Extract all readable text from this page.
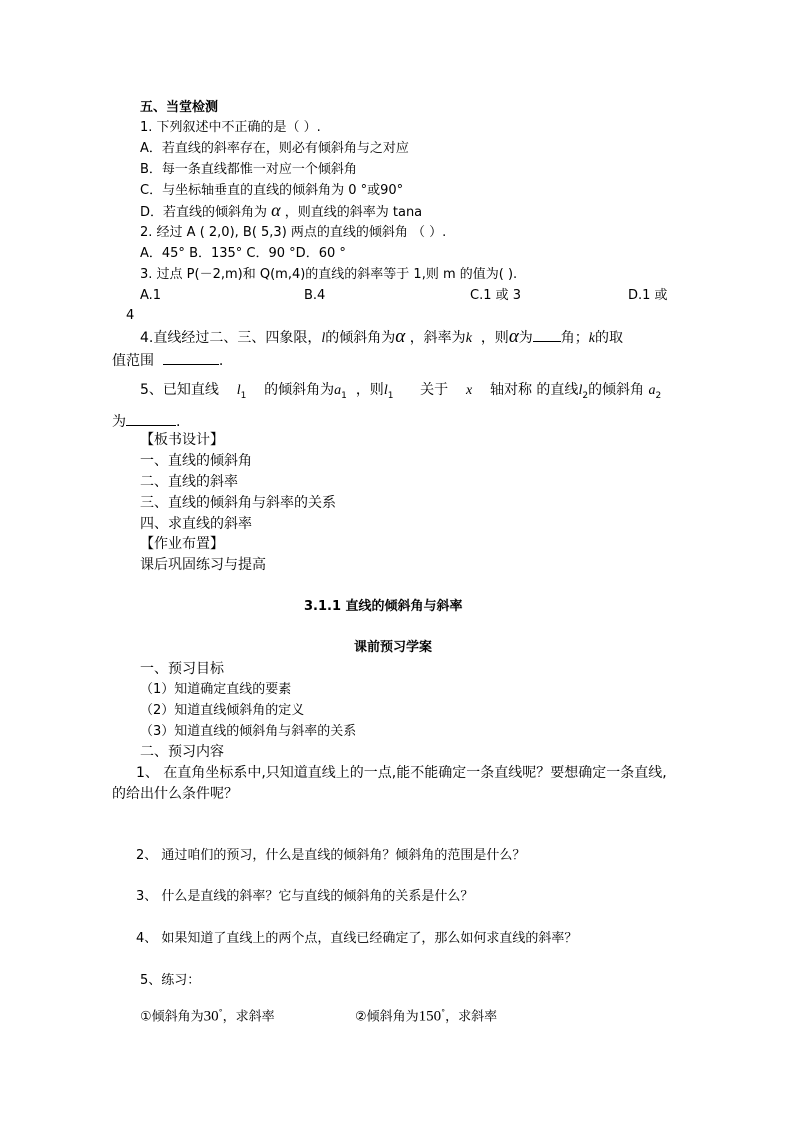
五、当堂检测
1. 下列叙述中不正确的是（ ）.
A．若直线的斜率存在，则必有倾斜角与之对应
B．每一条直线都惟一对应一个倾斜角
C．与坐标轴垂直的直线的倾斜角为 0 °或90°
D．若直线的倾斜角为 α ，则直线的斜率为 tana
2. 经过 A ( 2,0), B( 5,3) 两点的直线的倾斜角 （ ）.
A．45° B．135° C．90 °D．60 °
3. 过点 P(－2,m)和 Q(m,4)的直线的斜率等于 1,则 m 的值为( ).
A.1	B.4	C.1 或 3	D.1 或
4
4.直线经过二、三、四象限，l的倾斜角为α ，斜率为k ，则α为 角；k的取
值范围	.
5、已知直线 $l_1$ 的倾斜角为$a_1$ ，则$l_1$ 关于 x 轴对称 的直线$l_2$的倾斜角 $a_2$
为	.
【板书设计】
一、直线的倾斜角
二、直线的斜率
三、直线的倾斜角与斜率的关系
四、求直线的斜率
【作业布置】
课后巩固练习与提高
3.1.1 直线的倾斜角与斜率
课前预习学案
一、预习目标
（1）知道确定直线的要素
（2）知道直线倾斜角的定义
（3）知道直线的倾斜角与斜率的关系
二、预习内容
1、 在直角坐标系中,只知道直线上的一点,能不能确定一条直线呢？要想确定一条直线,
的给出什么条件呢？
2、 通过咱们的预习，什么是直线的倾斜角？倾斜角的范围是什么？
3、 什么是直线的斜率？它与直线的倾斜角的关系是什么？
4、 如果知道了直线上的两个点，直线已经确定了，那么如何求直线的斜率？
5、练习：
①倾斜角为30°，求斜率	②倾斜角为150°，求斜率
